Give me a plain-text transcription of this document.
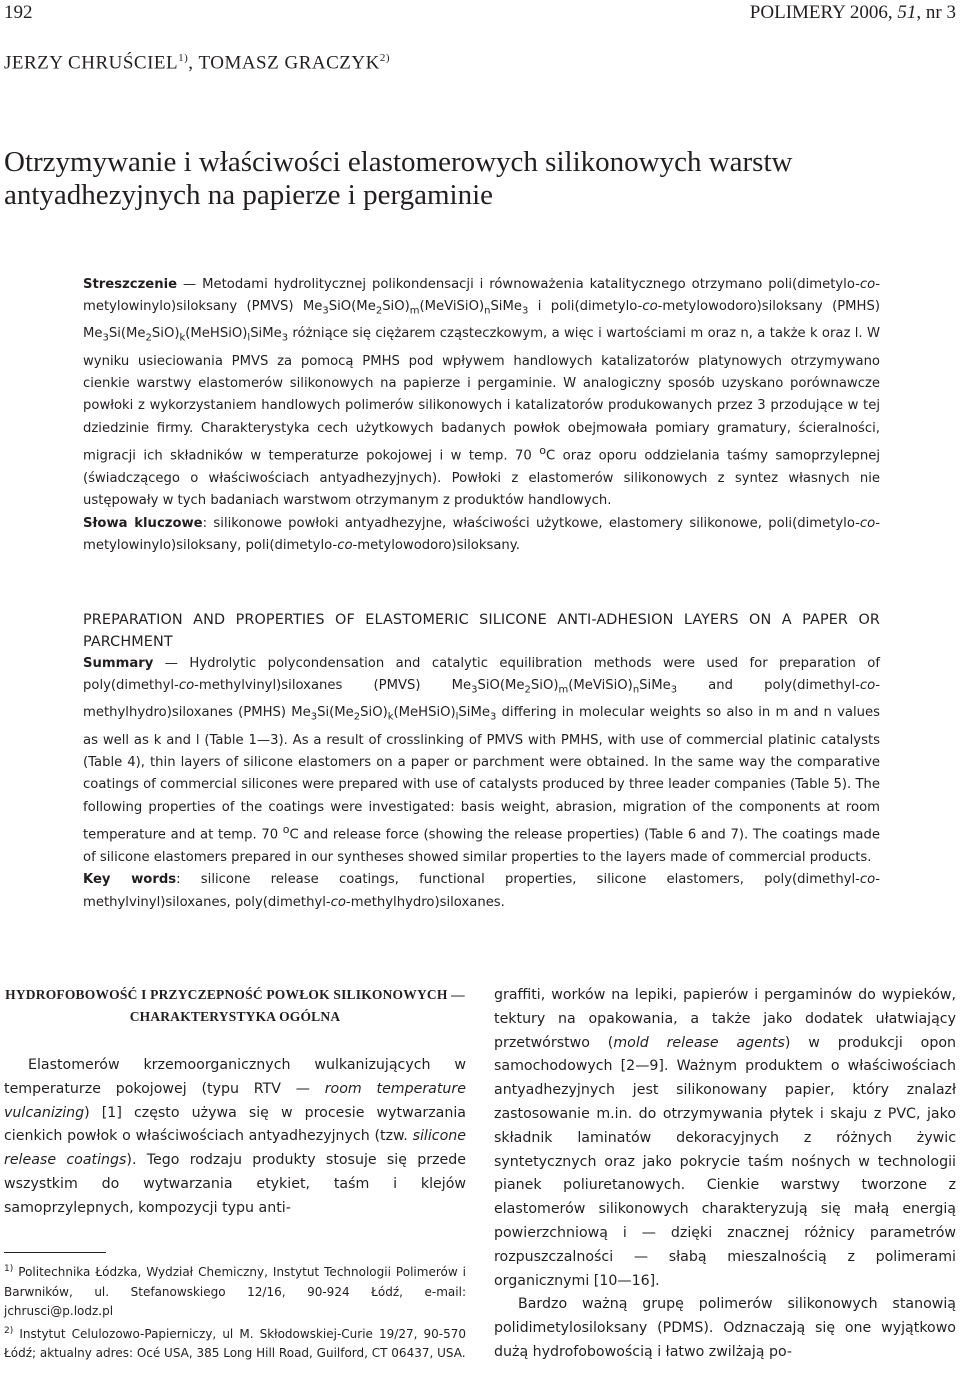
192	POLIMERY 2006, 51, nr 3
JERZY CHRUŚCIEL$^{1)}$, TOMASZ GRACZYK$^{2)}$
Otrzymywanie i właściwości elastomerowych silikonowych warstw antyadhezyjnych na papierze i pergaminie

Streszczenie — Metodami hydrolitycznej polikondensacji i równoważenia katalitycznego otrzymano poli(dimetylo-co-metylowinylo)siloksany (PMVS) $Me_3SiO(Me_2SiO)_m(MeViSiO)_nSiMe_3$ i poli(dimetylo-co-metylowodoro)siloksany (PMHS) $Me_3Si(Me_2SiO)_k(MeHSiO)_lSiMe_3$ różniące się ciężarem cząsteczkowym, a więc i wartościami m oraz n, a także k oraz l. W wyniku usieciowania PMVS za pomocą PMHS pod wpływem handlowych katalizatorów platynowych otrzymywano cienkie warstwy elastomerów silikonowych na papierze i pergaminie. W analogiczny sposób uzyskano porównawcze powłoki z wykorzystaniem handlowych polimerów silikonowych i katalizatorów produkowanych przez 3 przodujące w tej dziedzinie firmy. Charakterystyka cech użytkowych badanych powłok obejmowała pomiary gramatury, ścieralności, migracji ich składników w temperaturze pokojowej i w temp. 70 $^o$C oraz oporu oddzielania taśmy samoprzylepnej (świadczącego o właściwościach antyadhezyjnych). Powłoki z elastomerów silikonowych z syntez własnych nie ustępowały w tych badaniach warstwom otrzymanym z produktów handlowych.

Słowa kluczowe: silikonowe powłoki antyadhezyjne, właściwości użytkowe, elastomery silikonowe, poli(dimetylo-co-metylowinylo)siloksany, poli(dimetylo-co-metylowodoro)siloksany.

PREPARATION AND PROPERTIES OF ELASTOMERIC SILICONE ANTI-ADHESION LAYERS ON A PAPER OR PARCHMENT

Summary — Hydrolytic polycondensation and catalytic equilibration methods were used for preparation of poly(dimethyl-co-methylvinyl)siloxanes (PMVS) $Me_3SiO(Me_2SiO)_m(MeViSiO)_nSiMe_3$ and poly(dimethyl-co-methylhydro)siloxanes (PMHS) $Me_3Si(Me_2SiO)_k(MeHSiO)_lSiMe_3$ differing in molecular weights so also in m and n values as well as k and l (Table 1—3). As a result of crosslinking of PMVS with PMHS, with use of commercial platinic catalysts (Table 4), thin layers of silicone elastomers on a paper or parchment were obtained. In the same way the comparative coatings of commercial silicones were prepared with use of catalysts produced by three leader companies (Table 5). The following properties of the coatings were investigated: basis weight, abrasion, migration of the components at room temperature and at temp. 70 $^o$C and release force (showing the release properties) (Table 6 and 7). The coatings made of silicone elastomers prepared in our syntheses showed similar properties to the layers made of commercial products.

Key words: silicone release coatings, functional properties, silicone elastomers, poly(dimethyl-co-methylvinyl)siloxanes, poly(dimethyl-co-methylhydro)siloxanes.

HYDROFOBOWOŚĆ I PRZYCZEPNOŚĆ POWŁOK SILIKONOWYCH — CHARAKTERYSTYKA OGÓLNA

Elastomerów krzemoorganicznych wulkanizujących w temperaturze pokojowej (typu RTV — room temperature vulcanizing) [1] często używa się w procesie wytwarzania cienkich powłok o właściwościach antyadhezyjnych (tzw. silicone release coatings). Tego rodzaju produkty stosuje się przede wszystkim do wytwarzania etykiet, taśm i klejów samoprzylepnych, kompozycji typu anti-

$^{1)}$ Politechnika Łódzka, Wydział Chemiczny, Instytut Technologii Polimerów i Barwników, ul. Stefanowskiego 12/16, 90-924 Łódź, e-mail: jchrusci@p.lodz.pl

$^{2)}$ Instytut Celulozowo-Papierniczy, ul M. Skłodowskiej-Curie 19/27, 90-570 Łódź; aktualny adres: Océ USA, 385 Long Hill Road, Guilford, CT 06437, USA.

graffiti, worków na lepiki, papierów i pergaminów do wypieków, tektury na opakowania, a także jako dodatek ułatwiający przetwórstwo (mold release agents) w produkcji opon samochodowych [2—9]. Ważnym produktem o właściwościach antyadhezyjnych jest silikonowany papier, który znalazł zastosowanie m.in. do otrzymywania płytek i skaju z PVC, jako składnik laminatów dekoracyjnych z różnych żywic syntetycznych oraz jako pokrycie taśm nośnych w technologii pianek poliuretanowych. Cienkie warstwy tworzone z elastomerów silikonowych charakteryzują się małą energią powierzchniową i — dzięki znacznej różnicy parametrów rozpuszczalności — słabą mieszalnością z polimerami organicznymi [10—16].

Bardzo ważną grupę polimerów silikonowych stanowią polidimetylosiloksany (PDMS). Odznaczają się one wyjątkowo dużą hydrofobowością i łatwo zwilżają po-
